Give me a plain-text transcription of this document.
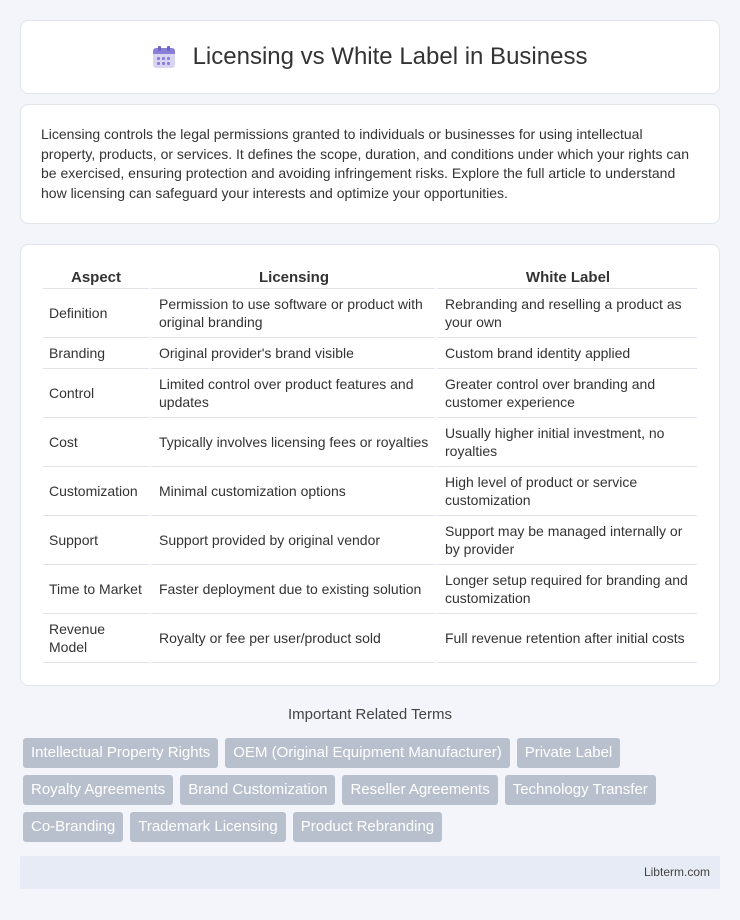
Licensing vs White Label in Business

Licensing controls the legal permissions granted to individuals or businesses for using intellectual property, products, or services. It defines the scope, duration, and conditions under which your rights can be exercised, ensuring protection and avoiding infringement risks. Explore the full article to understand how licensing can safeguard your interests and optimize your opportunities.

Aspect	Licensing	White Label
Definition	Permission to use software or product with original branding	Rebranding and reselling a product as your own
Branding	Original provider's brand visible	Custom brand identity applied
Control	Limited control over product features and updates	Greater control over branding and customer experience
Cost	Typically involves licensing fees or royalties	Usually higher initial investment, no royalties
Customization	Minimal customization options	High level of product or service customization
Support	Support provided by original vendor	Support may be managed internally or by provider
Time to Market	Faster deployment due to existing solution	Longer setup required for branding and customization
Revenue Model	Royalty or fee per user/product sold	Full revenue retention after initial costs
Important Related Terms
Intellectual Property Rights	OEM (Original Equipment Manufacturer)	Private Label
Royalty Agreements	Brand Customization	Reseller Agreements	Technology Transfer
Co-Branding	Trademark Licensing	Product Rebranding
Libterm.com
